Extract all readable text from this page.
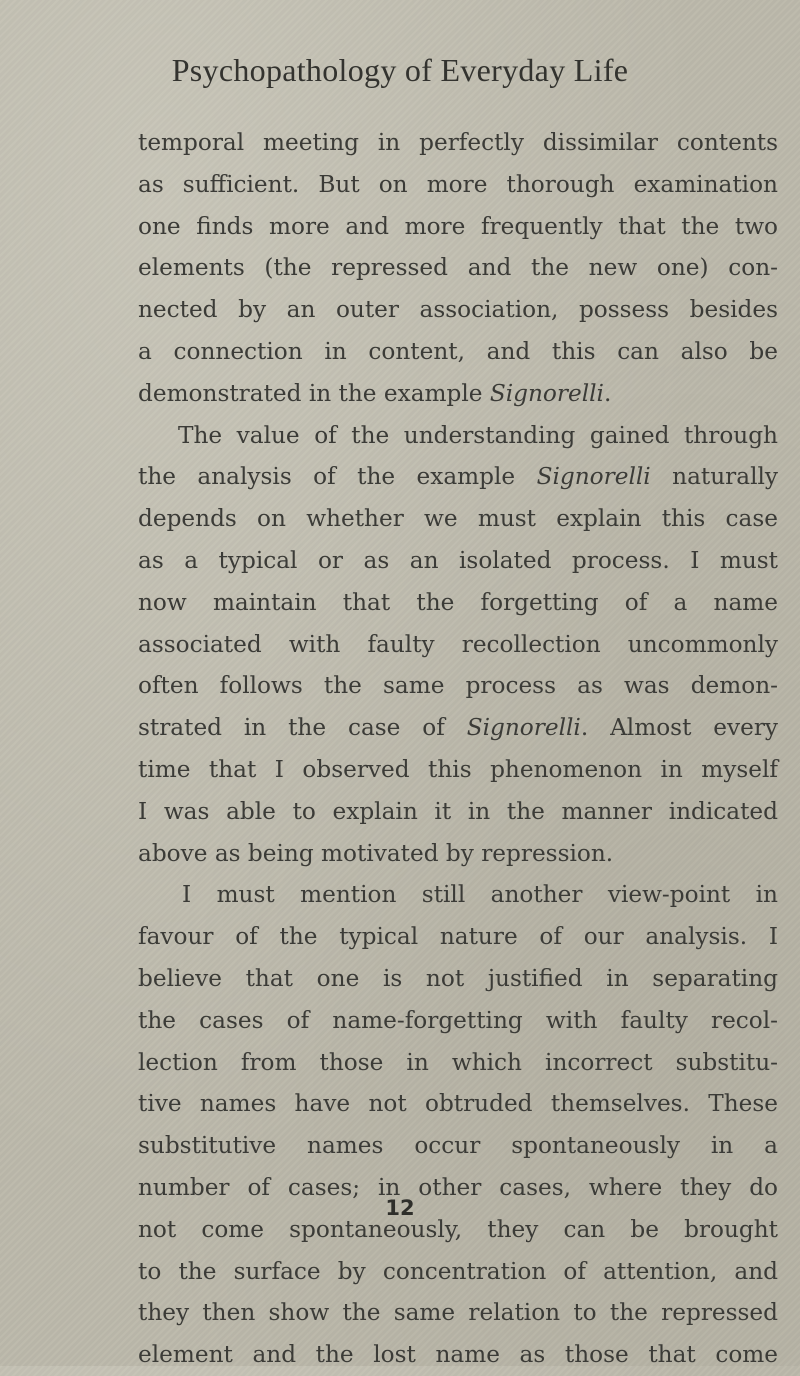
Psychopathology of Everyday Life
temporal meeting in perfectly dissimilar contents
as sufficient. But on more thorough examination
one finds more and more frequently that the two
elements (the repressed and the new one) con-
nected by an outer association, possess besides
a connection in content, and this can also be
demonstrated in the example Signorelli.
The value of the understanding gained through
the analysis of the example Signorelli naturally
depends on whether we must explain this case
as a typical or as an isolated process. I must
now maintain that the forgetting of a name
associated with faulty recollection uncommonly
often follows the same process as was demon-
strated in the case of Signorelli. Almost every
time that I observed this phenomenon in myself
I was able to explain it in the manner indicated
above as being motivated by repression.
I must mention still another view-point in
favour of the typical nature of our analysis. I
believe that one is not justified in separating
the cases of name-forgetting with faulty recol-
lection from those in which incorrect substitu-
tive names have not obtruded themselves. These
substitutive names occur spontaneously in a
number of cases; in other cases, where they do
not come spontaneously, they can be brought
to the surface by concentration of attention, and
they then show the same relation to the repressed
element and the lost name as those that come
12
